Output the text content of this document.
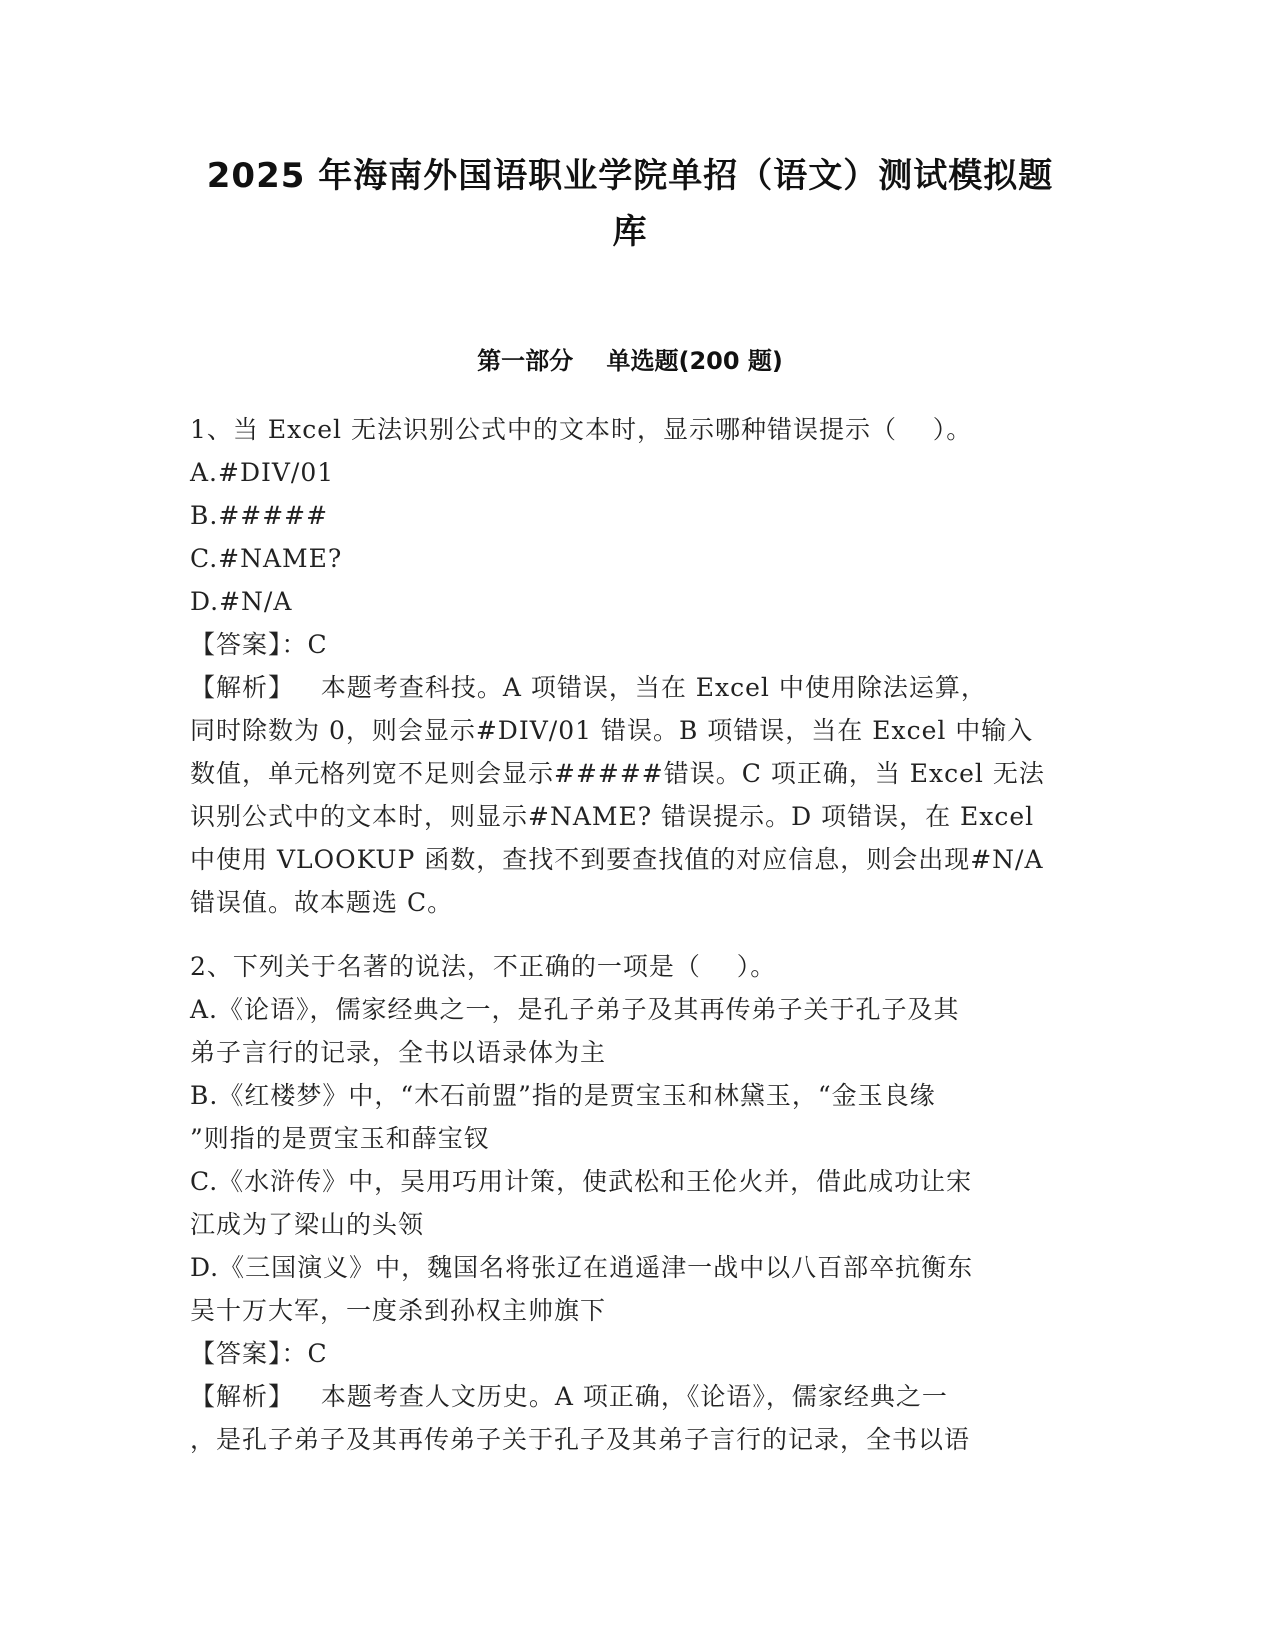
2025 年海南外国语职业学院单招（语文）测试模拟题
库
第一部分    单选题(200 题)
1、当 Excel 无法识别公式中的文本时，显示哪种错误提示（    ）。
A.#DIV/01
B.#####
C.#NAME?
D.#N/A
【答案】：C
【解析】   本题考查科技。A 项错误，当在 Excel 中使用除法运算，
同时除数为 0，则会显示#DIV/01 错误。B 项错误，当在 Excel 中输入
数值，单元格列宽不足则会显示#####错误。C 项正确，当 Excel 无法
识别公式中的文本时，则显示#NAME? 错误提示。D 项错误，在 Excel
中使用 VLOOKUP 函数，查找不到要查找值的对应信息，则会出现#N/A
错误值。故本题选 C。
2、下列关于名著的说法，不正确的一项是（    ）。
A.《论语》，儒家经典之一，是孔子弟子及其再传弟子关于孔子及其
弟子言行的记录，全书以语录体为主
B.《红楼梦》中，“木石前盟”指的是贾宝玉和林黛玉，“金玉良缘
”则指的是贾宝玉和薛宝钗
C.《水浒传》中，吴用巧用计策，使武松和王伦火并，借此成功让宋
江成为了梁山的头领
D.《三国演义》中，魏国名将张辽在逍遥津一战中以八百部卒抗衡东
吴十万大军，一度杀到孙权主帅旗下
【答案】：C
【解析】   本题考查人文历史。A 项正确，《论语》，儒家经典之一
，是孔子弟子及其再传弟子关于孔子及其弟子言行的记录，全书以语
